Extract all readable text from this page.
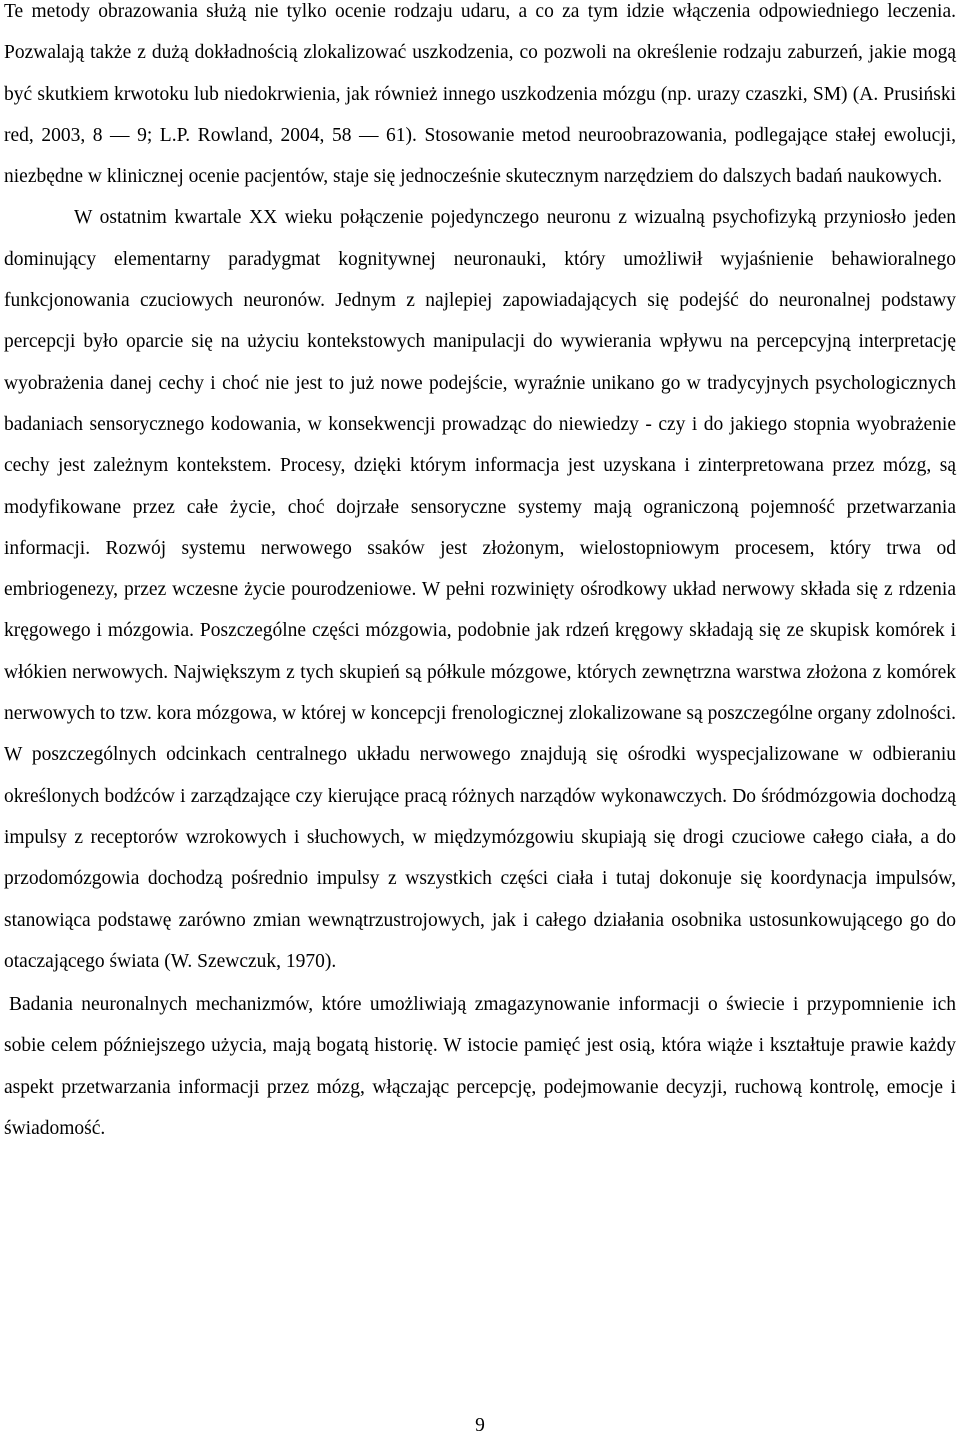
Te metody obrazowania służą nie tylko ocenie rodzaju udaru, a co za tym idzie włączenia odpowiedniego leczenia. Pozwalają także z dużą dokładnością zlokalizować uszkodzenia, co pozwoli na określenie rodzaju zaburzeń, jakie mogą być skutkiem krwotoku lub niedokrwienia, jak również innego uszkodzenia mózgu (np. urazy czaszki, SM) (A. Prusiński red, 2003, 8 — 9; L.P. Rowland, 2004, 58 — 61). Stosowanie metod neuroobrazowania, podlegające stałej ewolucji, niezbędne w klinicznej ocenie pacjentów, staje się jednocześnie skutecznym narzędziem do dalszych badań naukowych.

W ostatnim kwartale XX wieku połączenie pojedynczego neuronu z wizualną psychofizyką przyniosło jeden dominujący elementarny paradygmat kognitywnej neuronauki, który umożliwił wyjaśnienie behawioralnego funkcjonowania czuciowych neuronów. Jednym z najlepiej zapowiadających się podejść do neuronalnej podstawy percepcji było oparcie się na użyciu kontekstowych manipulacji do wywierania wpływu na percepcyjną interpretację wyobrażenia danej cechy i choć nie jest to już nowe podejście, wyraźnie unikano go w tradycyjnych psychologicznych badaniach sensorycznego kodowania, w konsekwencji prowadząc do niewiedzy - czy i do jakiego stopnia wyobrażenie cechy jest zależnym kontekstem. Procesy, dzięki którym informacja jest uzyskana i zinterpretowana przez mózg, są modyfikowane przez całe życie, choć dojrzałe sensoryczne systemy mają ograniczoną pojemność przetwarzania informacji. Rozwój systemu nerwowego ssaków jest złożonym, wielostopniowym procesem, który trwa od embriogenezy, przez wczesne życie pourodzeniowe. W pełni rozwinięty ośrodkowy układ nerwowy składa się z rdzenia kręgowego i mózgowia. Poszczególne części mózgowia, podobnie jak rdzeń kręgowy składają się ze skupisk komórek i włókien nerwowych. Największym z tych skupień są półkule mózgowe, których zewnętrzna warstwa złożona z komórek nerwowych to tzw. kora mózgowa, w której w koncepcji frenologicznej zlokalizowane są poszczególne organy zdolności. W poszczególnych odcinkach centralnego układu nerwowego znajdują się ośrodki wyspecjalizowane w odbieraniu określonych bodźców i zarządzające czy kierujące pracą różnych narządów wykonawczych. Do śródmózgowia dochodzą impulsy z receptorów wzrokowych i słuchowych, w międzymózgowiu skupiają się drogi czuciowe całego ciała, a do przodomózgowia dochodzą pośrednio impulsy z wszystkich części ciała i tutaj dokonuje się koordynacja impulsów, stanowiąca podstawę zarówno zmian wewnątrzustrojowych, jak i całego działania osobnika ustosunkowującego go do otaczającego świata (W. Szewczuk, 1970).

Badania neuronalnych mechanizmów, które umożliwiają zmagazynowanie informacji o świecie i przypomnienie ich sobie celem późniejszego użycia, mają bogatą historię. W istocie pamięć jest osią, która wiąże i kształtuje prawie każdy aspekt przetwarzania informacji przez mózg, włączając percepcję, podejmowanie decyzji, ruchową kontrolę, emocje i świadomość.

9
